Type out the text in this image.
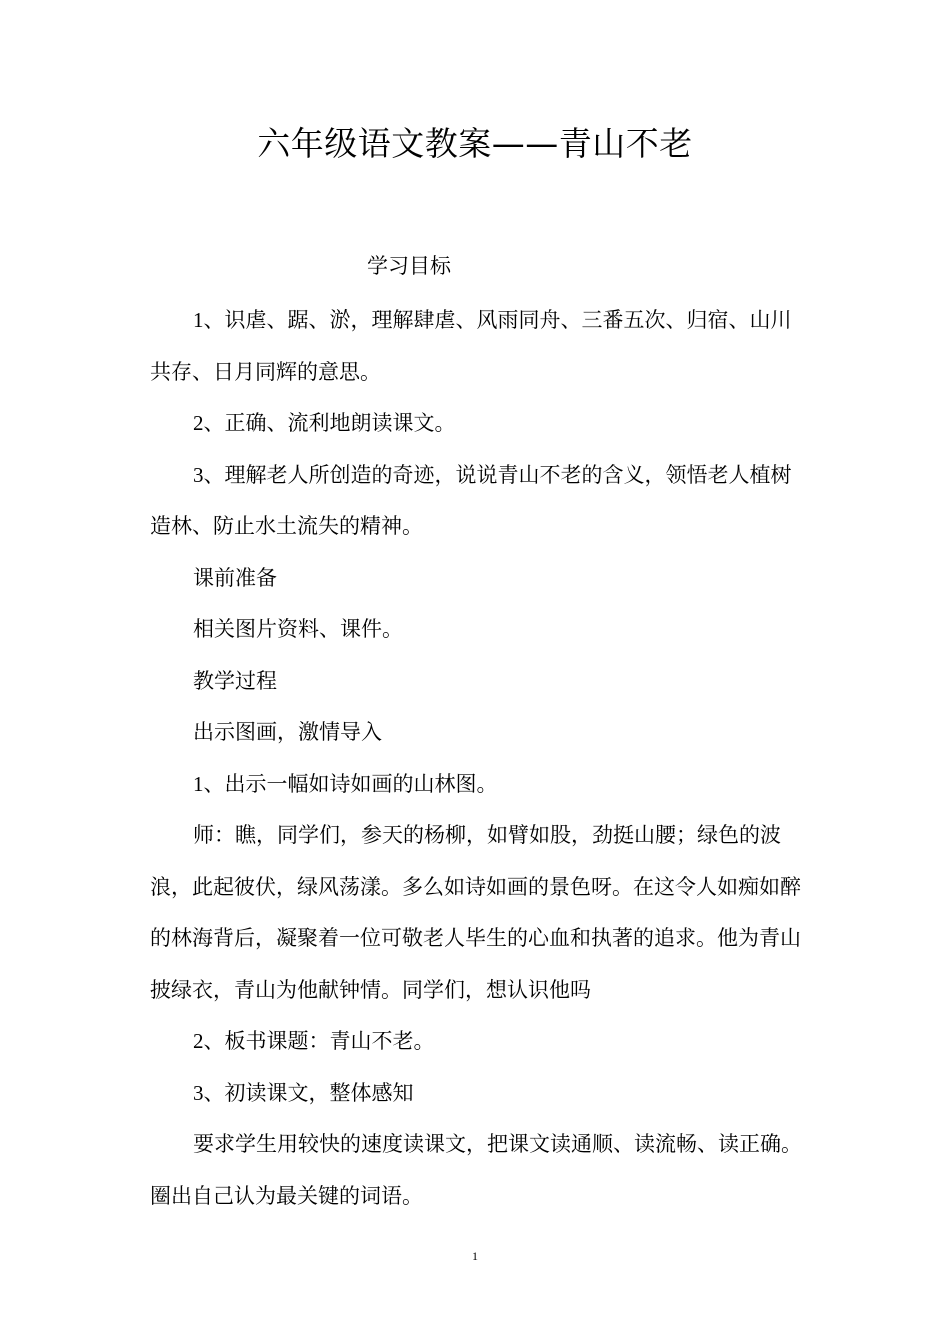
六年级语文教案——青山不老

学习目标

1、识虐、踞、淤，理解肆虐、风雨同舟、三番五次、归宿、山川共存、日月同辉的意思。

2、正确、流利地朗读课文。

3、理解老人所创造的奇迹，说说青山不老的含义，领悟老人植树造林、防止水土流失的精神。

课前准备

相关图片资料、课件。

教学过程

出示图画，激情导入

1、出示一幅如诗如画的山林图。

师：瞧，同学们，参天的杨柳，如臂如股，劲挺山腰；绿色的波浪，此起彼伏，绿风荡漾。多么如诗如画的景色呀。在这令人如痴如醉的林海背后，凝聚着一位可敬老人毕生的心血和执著的追求。他为青山披绿衣，青山为他献钟情。同学们，想认识他吗

2、板书课题：青山不老。

3、初读课文，整体感知

要求学生用较快的速度读课文，把课文读通顺、读流畅、读正确。圈出自己认为最关键的词语。

1
